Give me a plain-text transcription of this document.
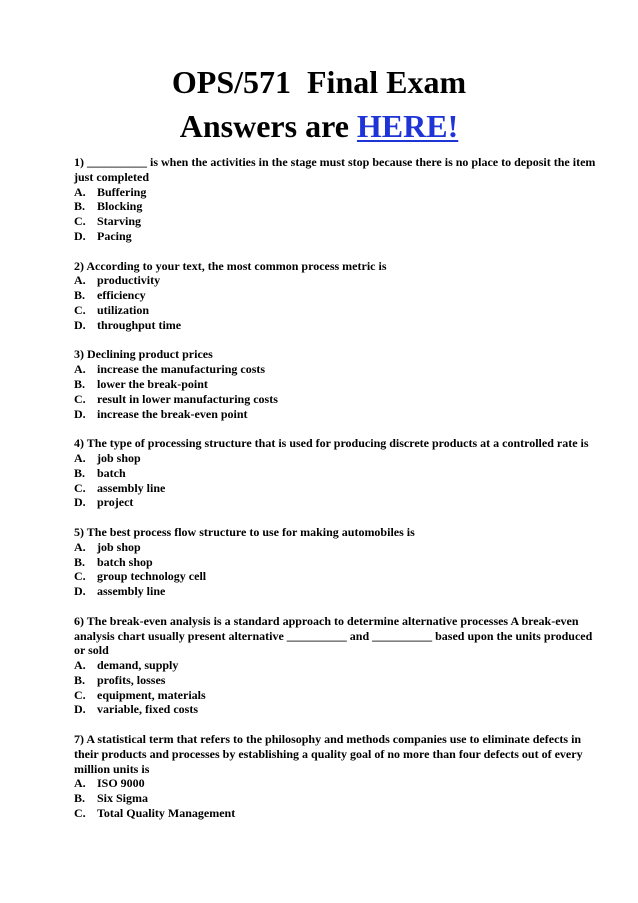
OPS/571  Final Exam
Answers are HERE!

1) __________ is when the activities in the stage must stop because there is no place to deposit the item just completed

A. Buffering
B. Blocking
C. Starving
D. Pacing

2) According to your text, the most common process metric is

A. productivity
B. efficiency
C. utilization
D. throughput time

3) Declining product prices

A. increase the manufacturing costs
B. lower the break-point
C. result in lower manufacturing costs
D. increase the break-even point

4) The type of processing structure that is used for producing discrete products at a controlled rate is

A. job shop
B. batch
C. assembly line
D. project

5) The best process flow structure to use for making automobiles is

A. job shop
B. batch shop
C. group technology cell
D. assembly line

6) The break-even analysis is a standard approach to determine alternative processes A break-even analysis chart usually present alternative __________ and __________ based upon the units produced or sold

A. demand, supply
B. profits, losses
C. equipment, materials
D. variable, fixed costs

7) A statistical term that refers to the philosophy and methods companies use to eliminate defects in their products and processes by establishing a quality goal of no more than four defects out of every million units is

A. ISO 9000
B. Six Sigma
C. Total Quality Management
